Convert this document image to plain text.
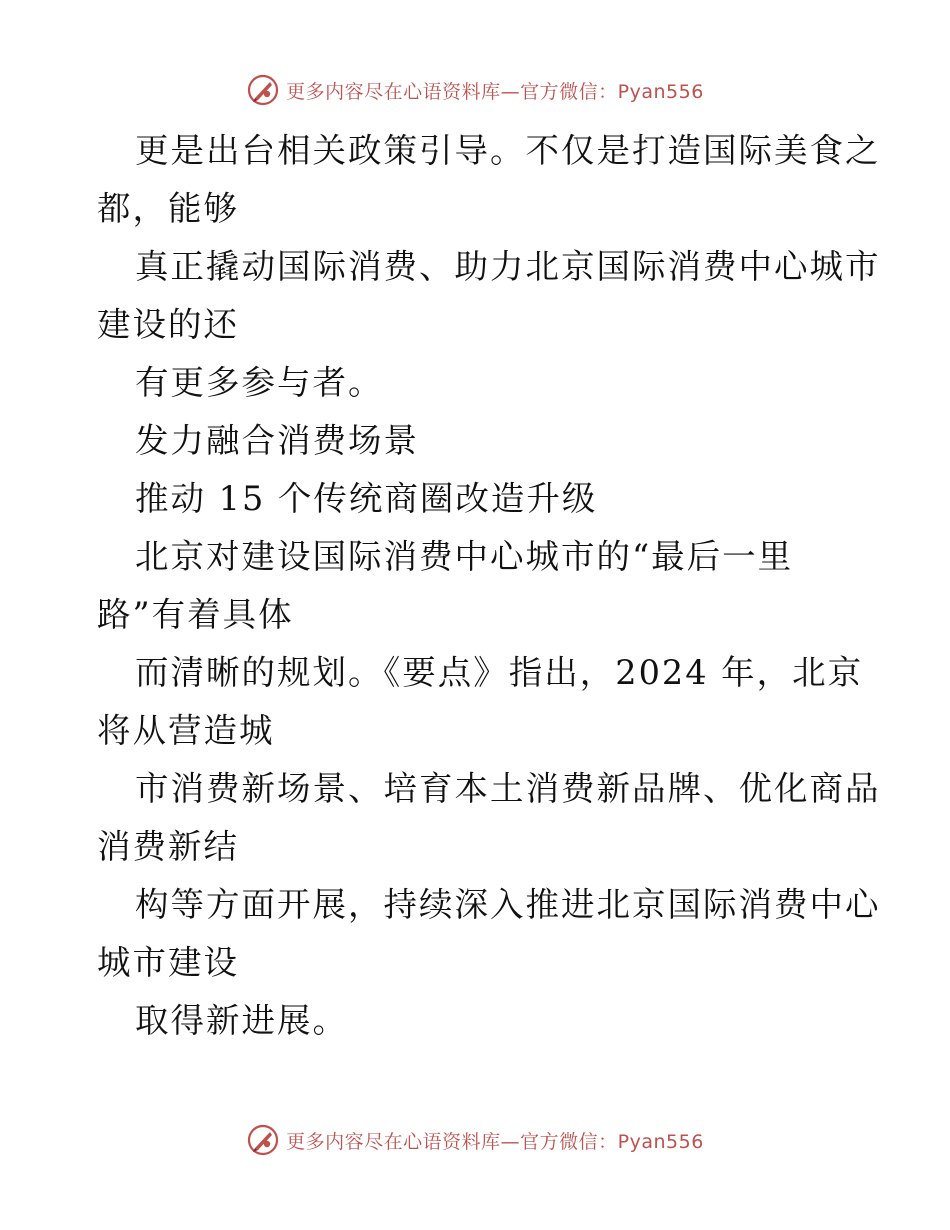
更多内容尽在心语资料库—官方微信：Pyan556
更是出台相关政策引导。不仅是打造国际美食之
都，能够
真正撬动国际消费、助力北京国际消费中心城市
建设的还
有更多参与者。
发力融合消费场景
推动 15 个传统商圈改造升级
北京对建设国际消费中心城市的“最后一里
路”有着具体
而清晰的规划。《要点》指出，2024 年，北京
将从营造城
市消费新场景、培育本土消费新品牌、优化商品
消费新结
构等方面开展，持续深入推进北京国际消费中心
城市建设
取得新进展。
更多内容尽在心语资料库—官方微信：Pyan556
